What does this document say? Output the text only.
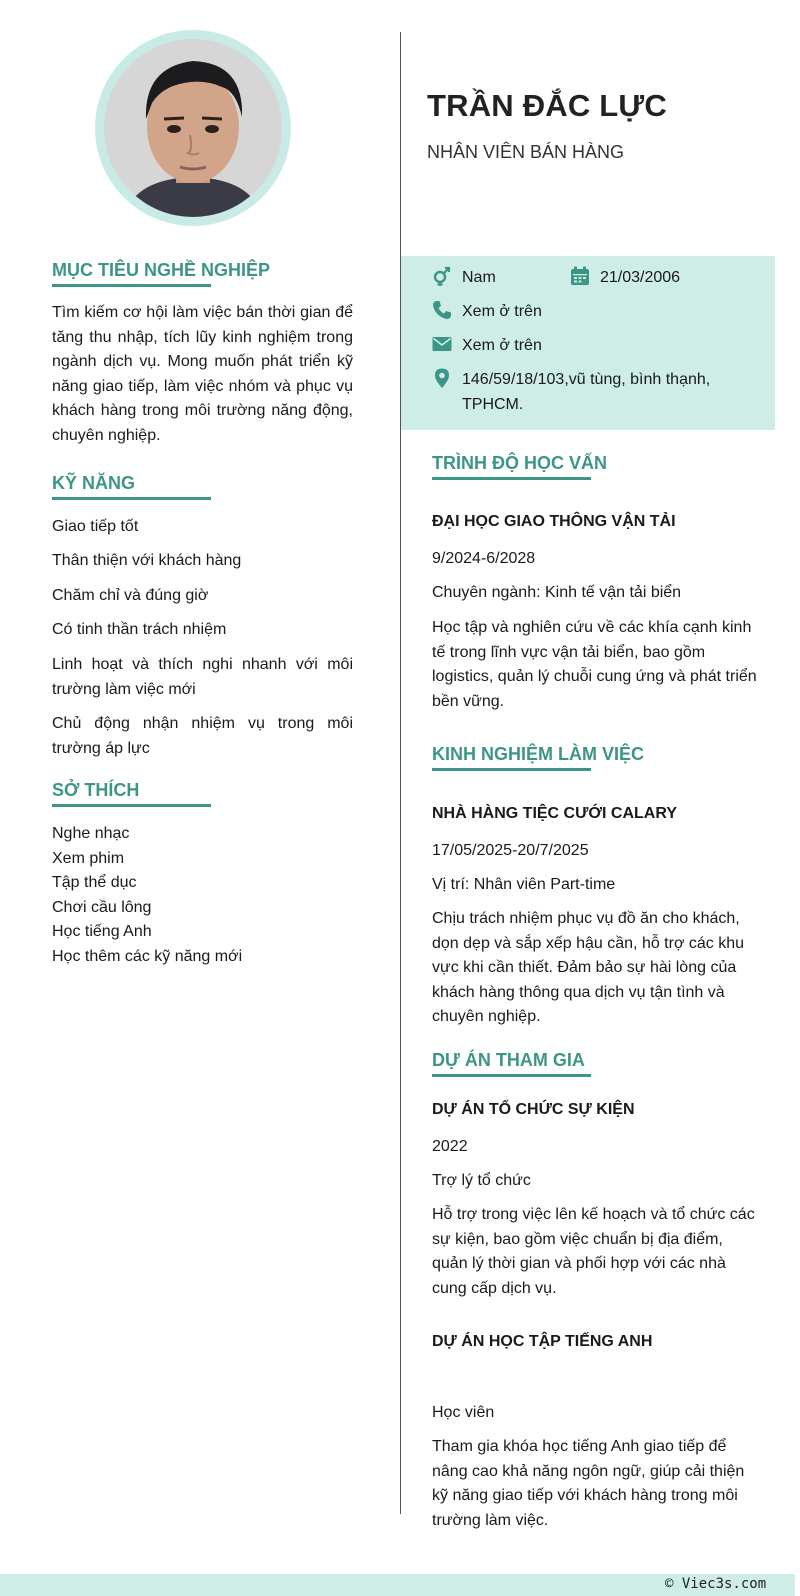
TRẦN ĐẮC LỰC
NHÂN VIÊN BÁN HÀNG
MỤC TIÊU NGHỀ NGHIỆP
Tìm kiếm cơ hội làm việc bán thời gian để tăng thu nhập, tích lũy kinh nghiệm trong ngành dịch vụ. Mong muốn phát triển kỹ năng giao tiếp, làm việc nhóm và phục vụ khách hàng trong môi trường năng động, chuyên nghiệp.
KỸ NĂNG
Giao tiếp tốt
Thân thiện với khách hàng
Chăm chỉ và đúng giờ
Có tinh thần trách nhiệm
Linh hoạt và thích nghi nhanh với môi trường làm việc mới
Chủ động nhận nhiệm vụ trong môi trường áp lực
SỞ THÍCH
Nghe nhạc
Xem phim
Tập thể dục
Chơi cầu lông
Học tiếng Anh
Học thêm các kỹ năng mới
Nam	21/03/2006
Xem ở trên
Xem ở trên
146/59/18/103,vũ tùng, bình thạnh,
TPHCM.
TRÌNH ĐỘ HỌC VẤN
ĐẠI HỌC GIAO THÔNG VẬN TẢI
9/2024-6/2028
Chuyên ngành: Kinh tế vận tải biển
Học tập và nghiên cứu về các khía cạnh kinh tế trong lĩnh vực vận tải biển, bao gồm logistics, quản lý chuỗi cung ứng và phát triển bền vững.
KINH NGHIỆM LÀM VIỆC
NHÀ HÀNG TIỆC CƯỚI CALARY
17/05/2025-20/7/2025
Vị trí: Nhân viên Part-time
Chịu trách nhiệm phục vụ đồ ăn cho khách, dọn dẹp và sắp xếp hậu cần, hỗ trợ các khu vực khi cần thiết. Đảm bảo sự hài lòng của khách hàng thông qua dịch vụ tận tình và chuyên nghiệp.
DỰ ÁN THAM GIA
DỰ ÁN TỔ CHỨC SỰ KIỆN
2022
Trợ lý tổ chức
Hỗ trợ trong việc lên kế hoạch và tổ chức các sự kiện, bao gồm việc chuẩn bị địa điểm, quản lý thời gian và phối hợp với các nhà cung cấp dịch vụ.
DỰ ÁN HỌC TẬP TIẾNG ANH
Học viên
Tham gia khóa học tiếng Anh giao tiếp để nâng cao khả năng ngôn ngữ, giúp cải thiện kỹ năng giao tiếp với khách hàng trong môi trường làm việc.
© Viec3s.com
